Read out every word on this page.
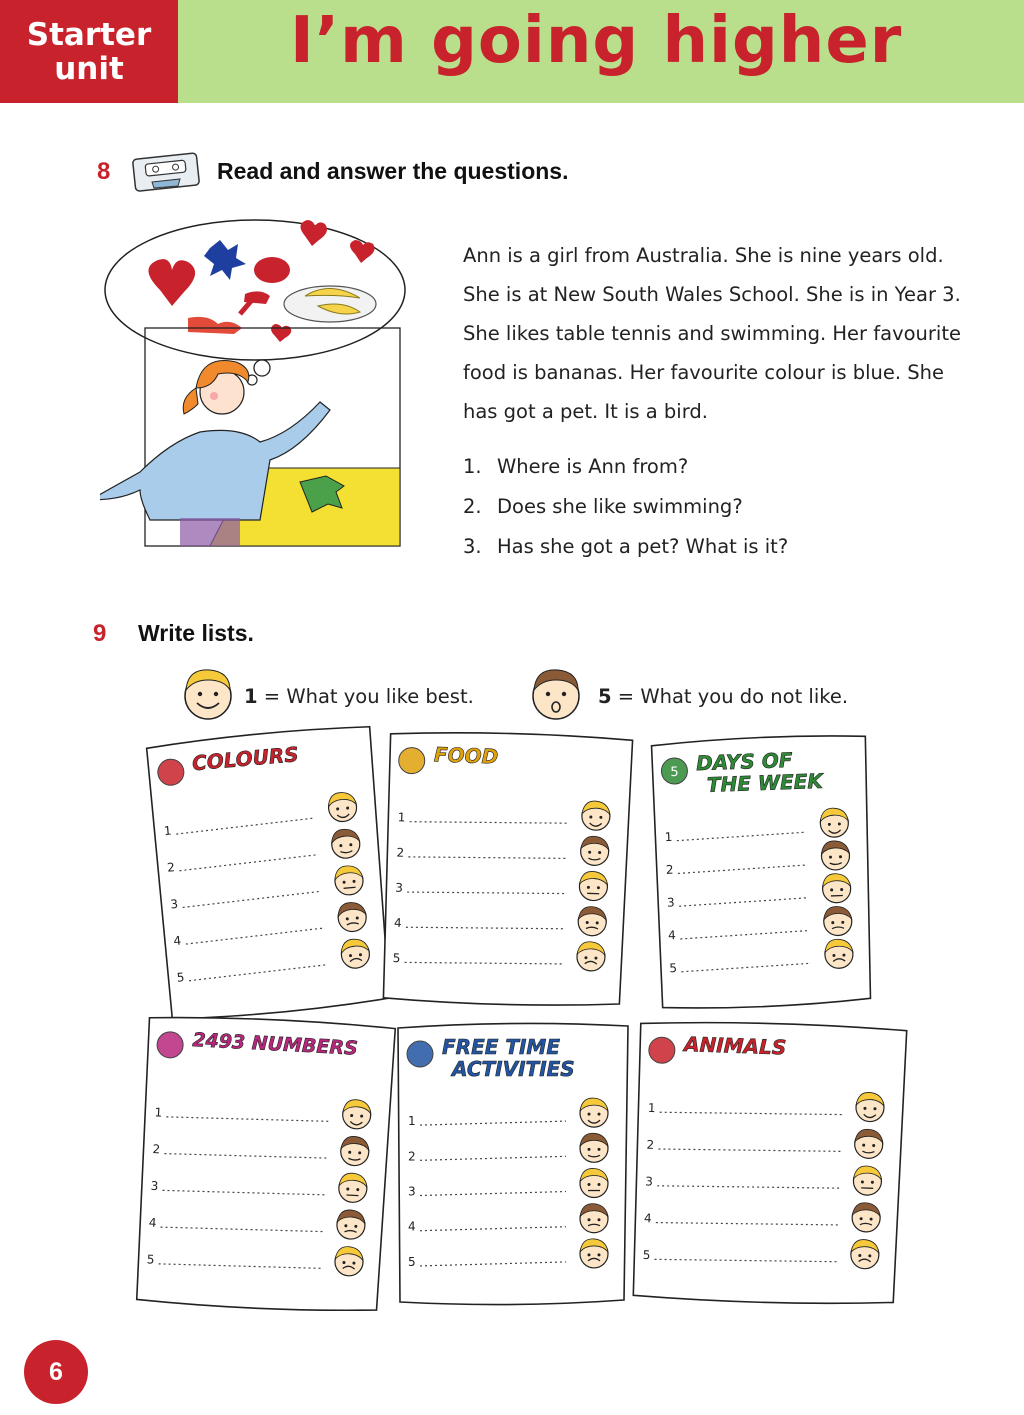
Starter
unit	I’m going higher
8	Read and answer the questions.
Ann is a girl from Australia. She is nine years old. She is at New South Wales School. She is in Year 3. She likes table tennis and swimming. Her favourite food is bananas. Her favourite colour is blue. She has got a pet. It is a bird.
1. Where is Ann from?
2. Does she like swimming?
3. Has she got a pet? What is it?
9 Write lists.
1 = What you like best.	5 = What you do not like.
COLOURS
1
2
3
4
5
FOOD
1
2
3
4
5
5 DAYS OF
THE WEEK
1
2
3
4
5
2493 NUMBERS
1
2
3
4
5
FREE TIME
ACTIVITIES
1
2
3
4
5
ANIMALS
1
2
3
4
5
6
